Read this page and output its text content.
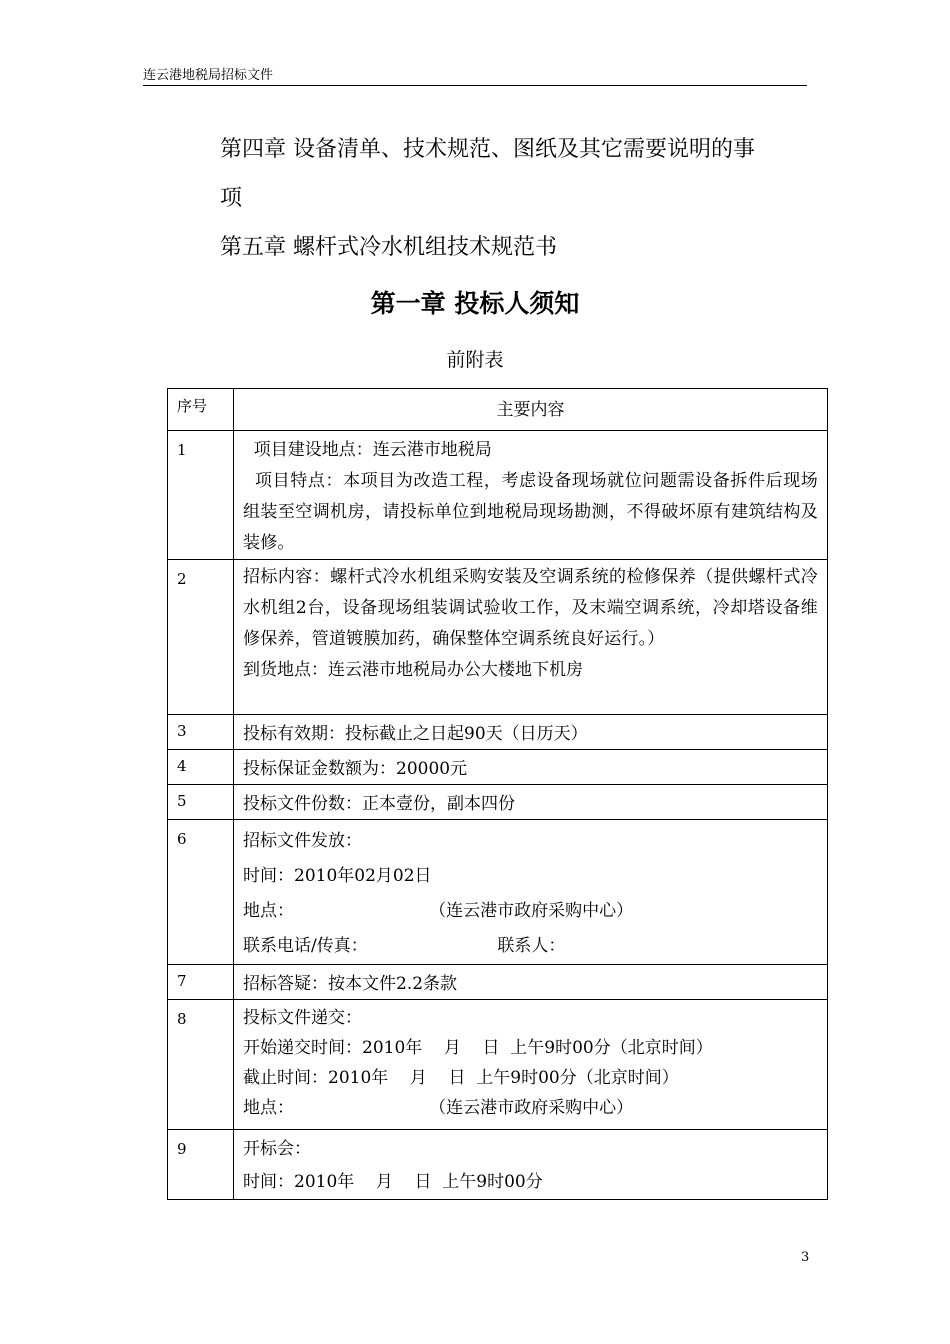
连云港地税局招标文件
第四章 设备清单、技术规范、图纸及其它需要说明的事
项
第五章 螺杆式冷水机组技术规范书
第一章 投标人须知
前附表
序号	主要内容
1	项目建设地点：连云港市地税局
项目特点：本项目为改造工程，考虑设备现场就位问题需设备拆件后现场组装至空调机房，请投标单位到地税局现场勘测，不得破坏原有建筑结构及装修。

2	招标内容：螺杆式冷水机组采购安装及空调系统的检修保养（提供螺杆式冷水机组2台，设备现场组装调试验收工作，及末端空调系统，冷却塔设备维修保养，管道镀膜加药，确保整体空调系统良好运行。）
到货地点：连云港市地税局办公大楼地下机房

3	投标有效期：投标截止之日起90天（日历天）

4	投标保证金数额为：20000元

5	投标文件份数：正本壹份，副本四份

6	招标文件发放：
时间：2010年02月02日
地点：                         （连云港市政府采购中心）
联系电话/传真：                        联系人：

7	招标答疑：按本文件2.2条款

8	投标文件递交：
开始递交时间：2010年    月    日  上午9时00分（北京时间）
截止时间：2010年    月    日  上午9时00分（北京时间）
地点：                         （连云港市政府采购中心）

9	开标会：
时间：2010年    月    日  上午9时00分
3
